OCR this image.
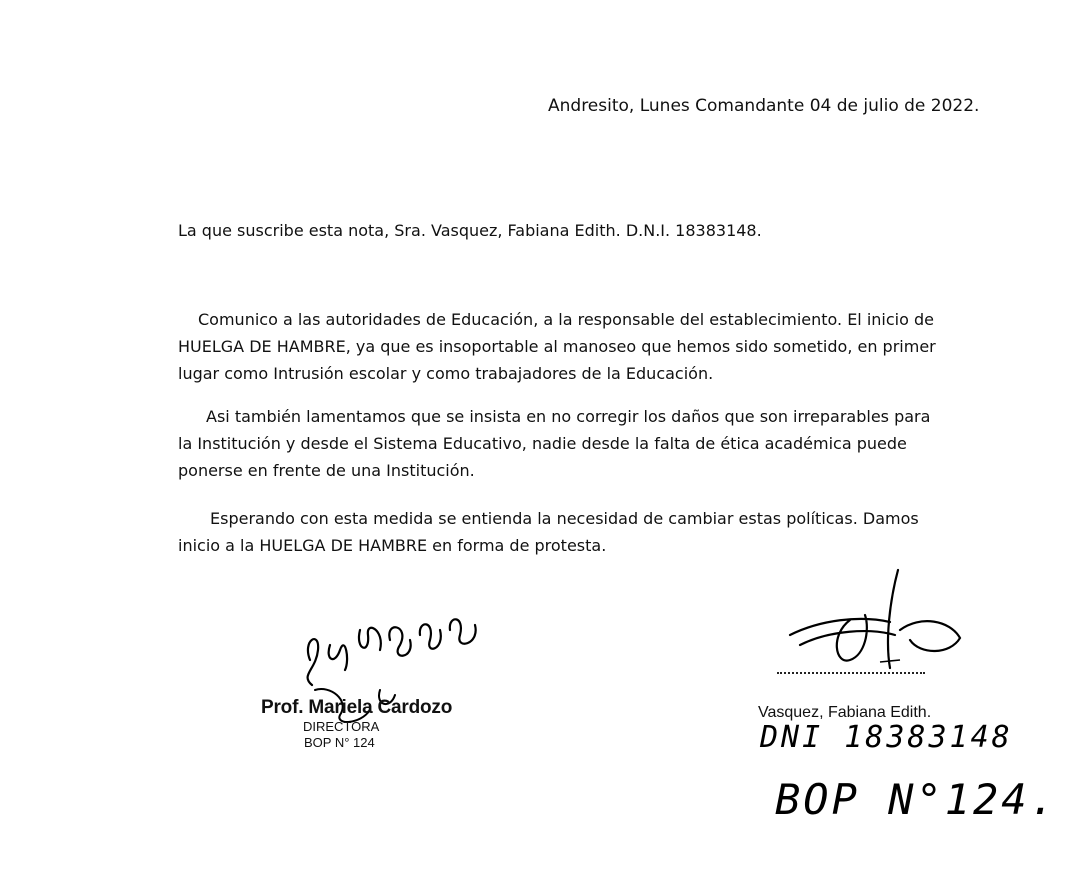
Andresito, Lunes Comandante 04 de julio de 2022.
La que suscribe esta nota, Sra. Vasquez, Fabiana Edith. D.N.I. 18383148.
Comunico a las autoridades de Educación, a la responsable del establecimiento. El inicio de
HUELGA DE HAMBRE, ya que es insoportable al manoseo que hemos sido sometido, en primer
lugar como Intrusión escolar y como trabajadores de la Educación.
Asi también lamentamos que se insista en no corregir los daños que son irreparables para
la Institución y desde el Sistema Educativo, nadie desde la falta de ética académica puede
ponerse en frente de una Institución.
Esperando con esta medida se entienda la necesidad de cambiar estas políticas. Damos
inicio a la HUELGA DE HAMBRE en forma de protesta.
Prof. Mariela Cardozo
DIRECTORA
BOP N° 124
Vasquez, Fabiana Edith.
DNI 18383148
BOP N°124.
